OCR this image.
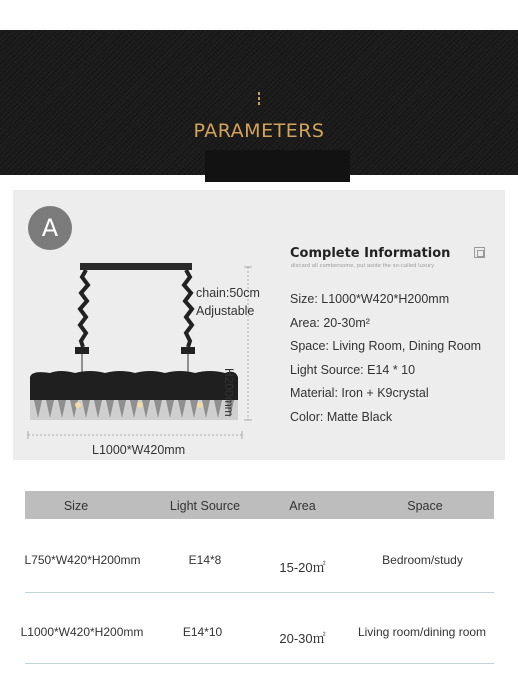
PARAMETERS
A
chain:50cm
Adjustable
H200mm
L1000*W420mm
Complete Information
discard all cumbersome, put aside the so-called luxury
Size: L1000*W420*H200mm
Area: 20-30m²
Space: Living Room, Dining Room
Light Source: E14 * 10
Material: Iron + K9crystal
Color: Matte Black
Size	Light Source	Area	Space
L750*W420*H200mm	E14*8	15-20㎡	Bedroom/study
L1000*W420*H200mm	E14*10	20-30㎡	Living room/dining room
